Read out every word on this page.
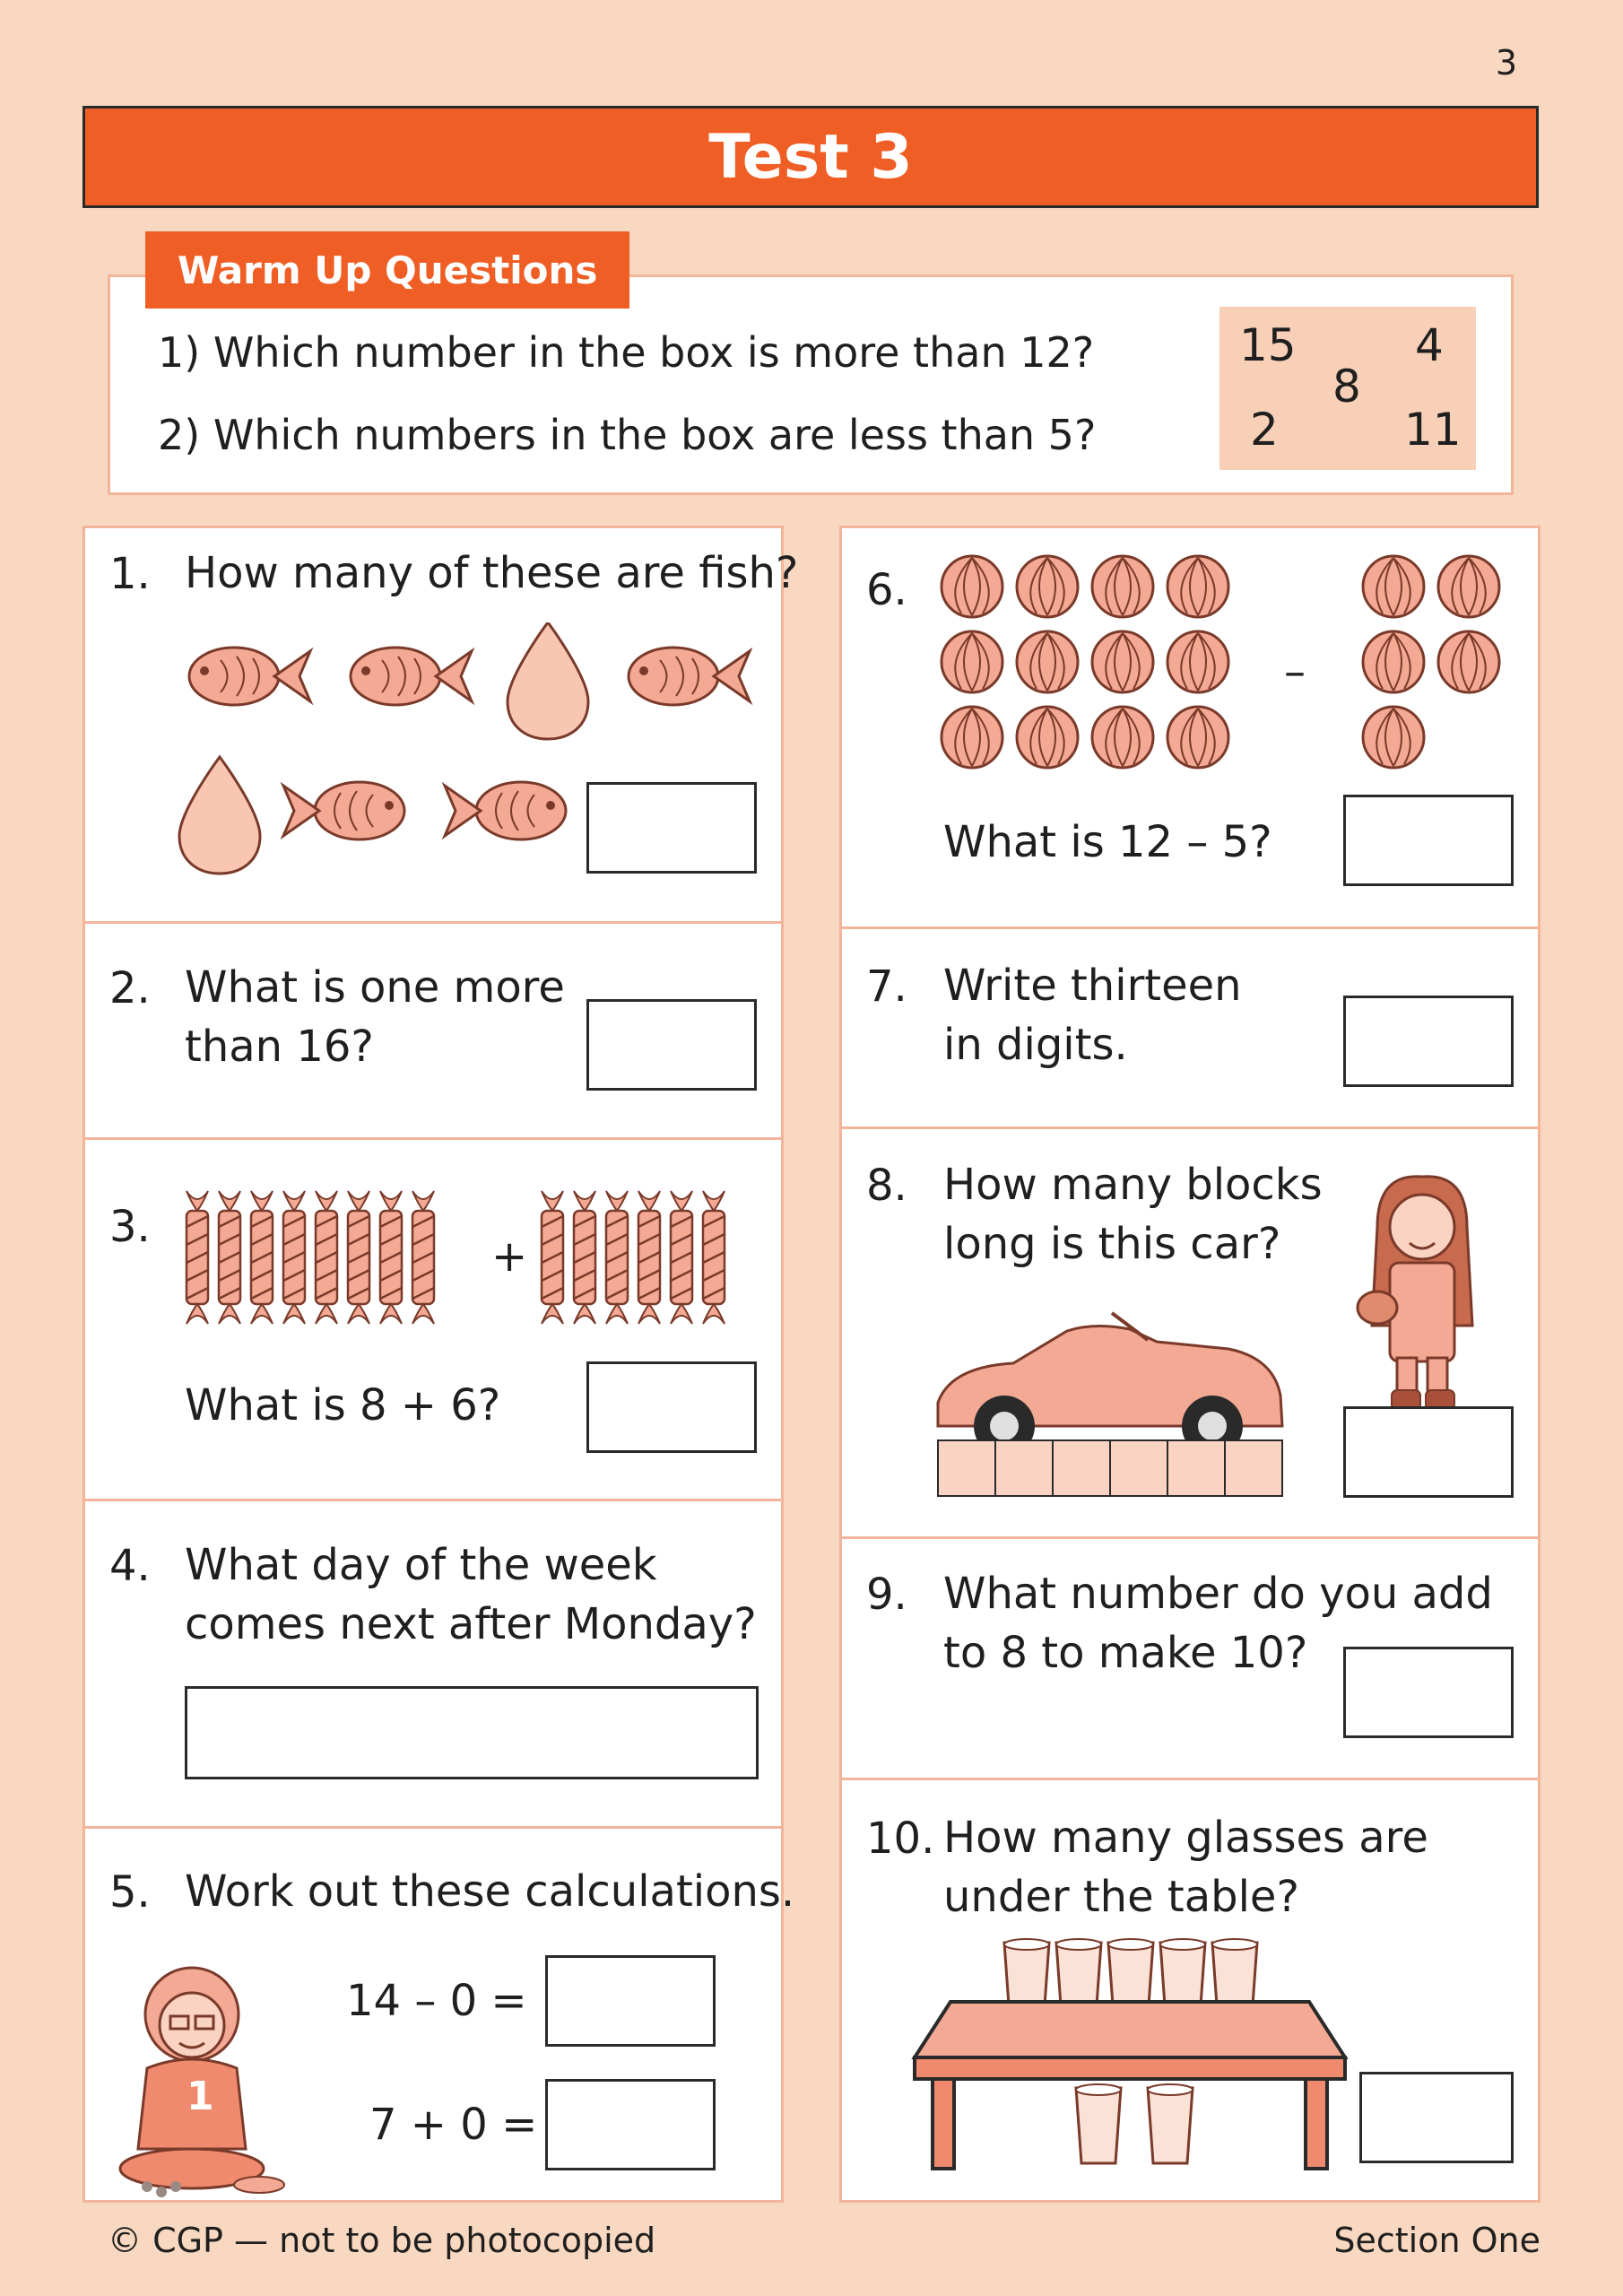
3
Test 3
Warm Up Questions
1) Which number in the box is more than 12?
2) Which numbers in the box are less than 5?
15	4
8
2	11
1. How many of these are fish?
2. What is one more
than 16?
3.
+
What is 8 + 6?
4. What day of the week
comes next after Monday?
5. Work out these calculations.
1
14 – 0 =
7 + 0 =
6.
–
What is 12 – 5?
7. Write thirteen
in digits.
8. How many blocks
long is this car?
9. What number do you add
to 8 to make 10?
10. How many glasses are
under the table?
© CGP — not to be photocopied	Section One
